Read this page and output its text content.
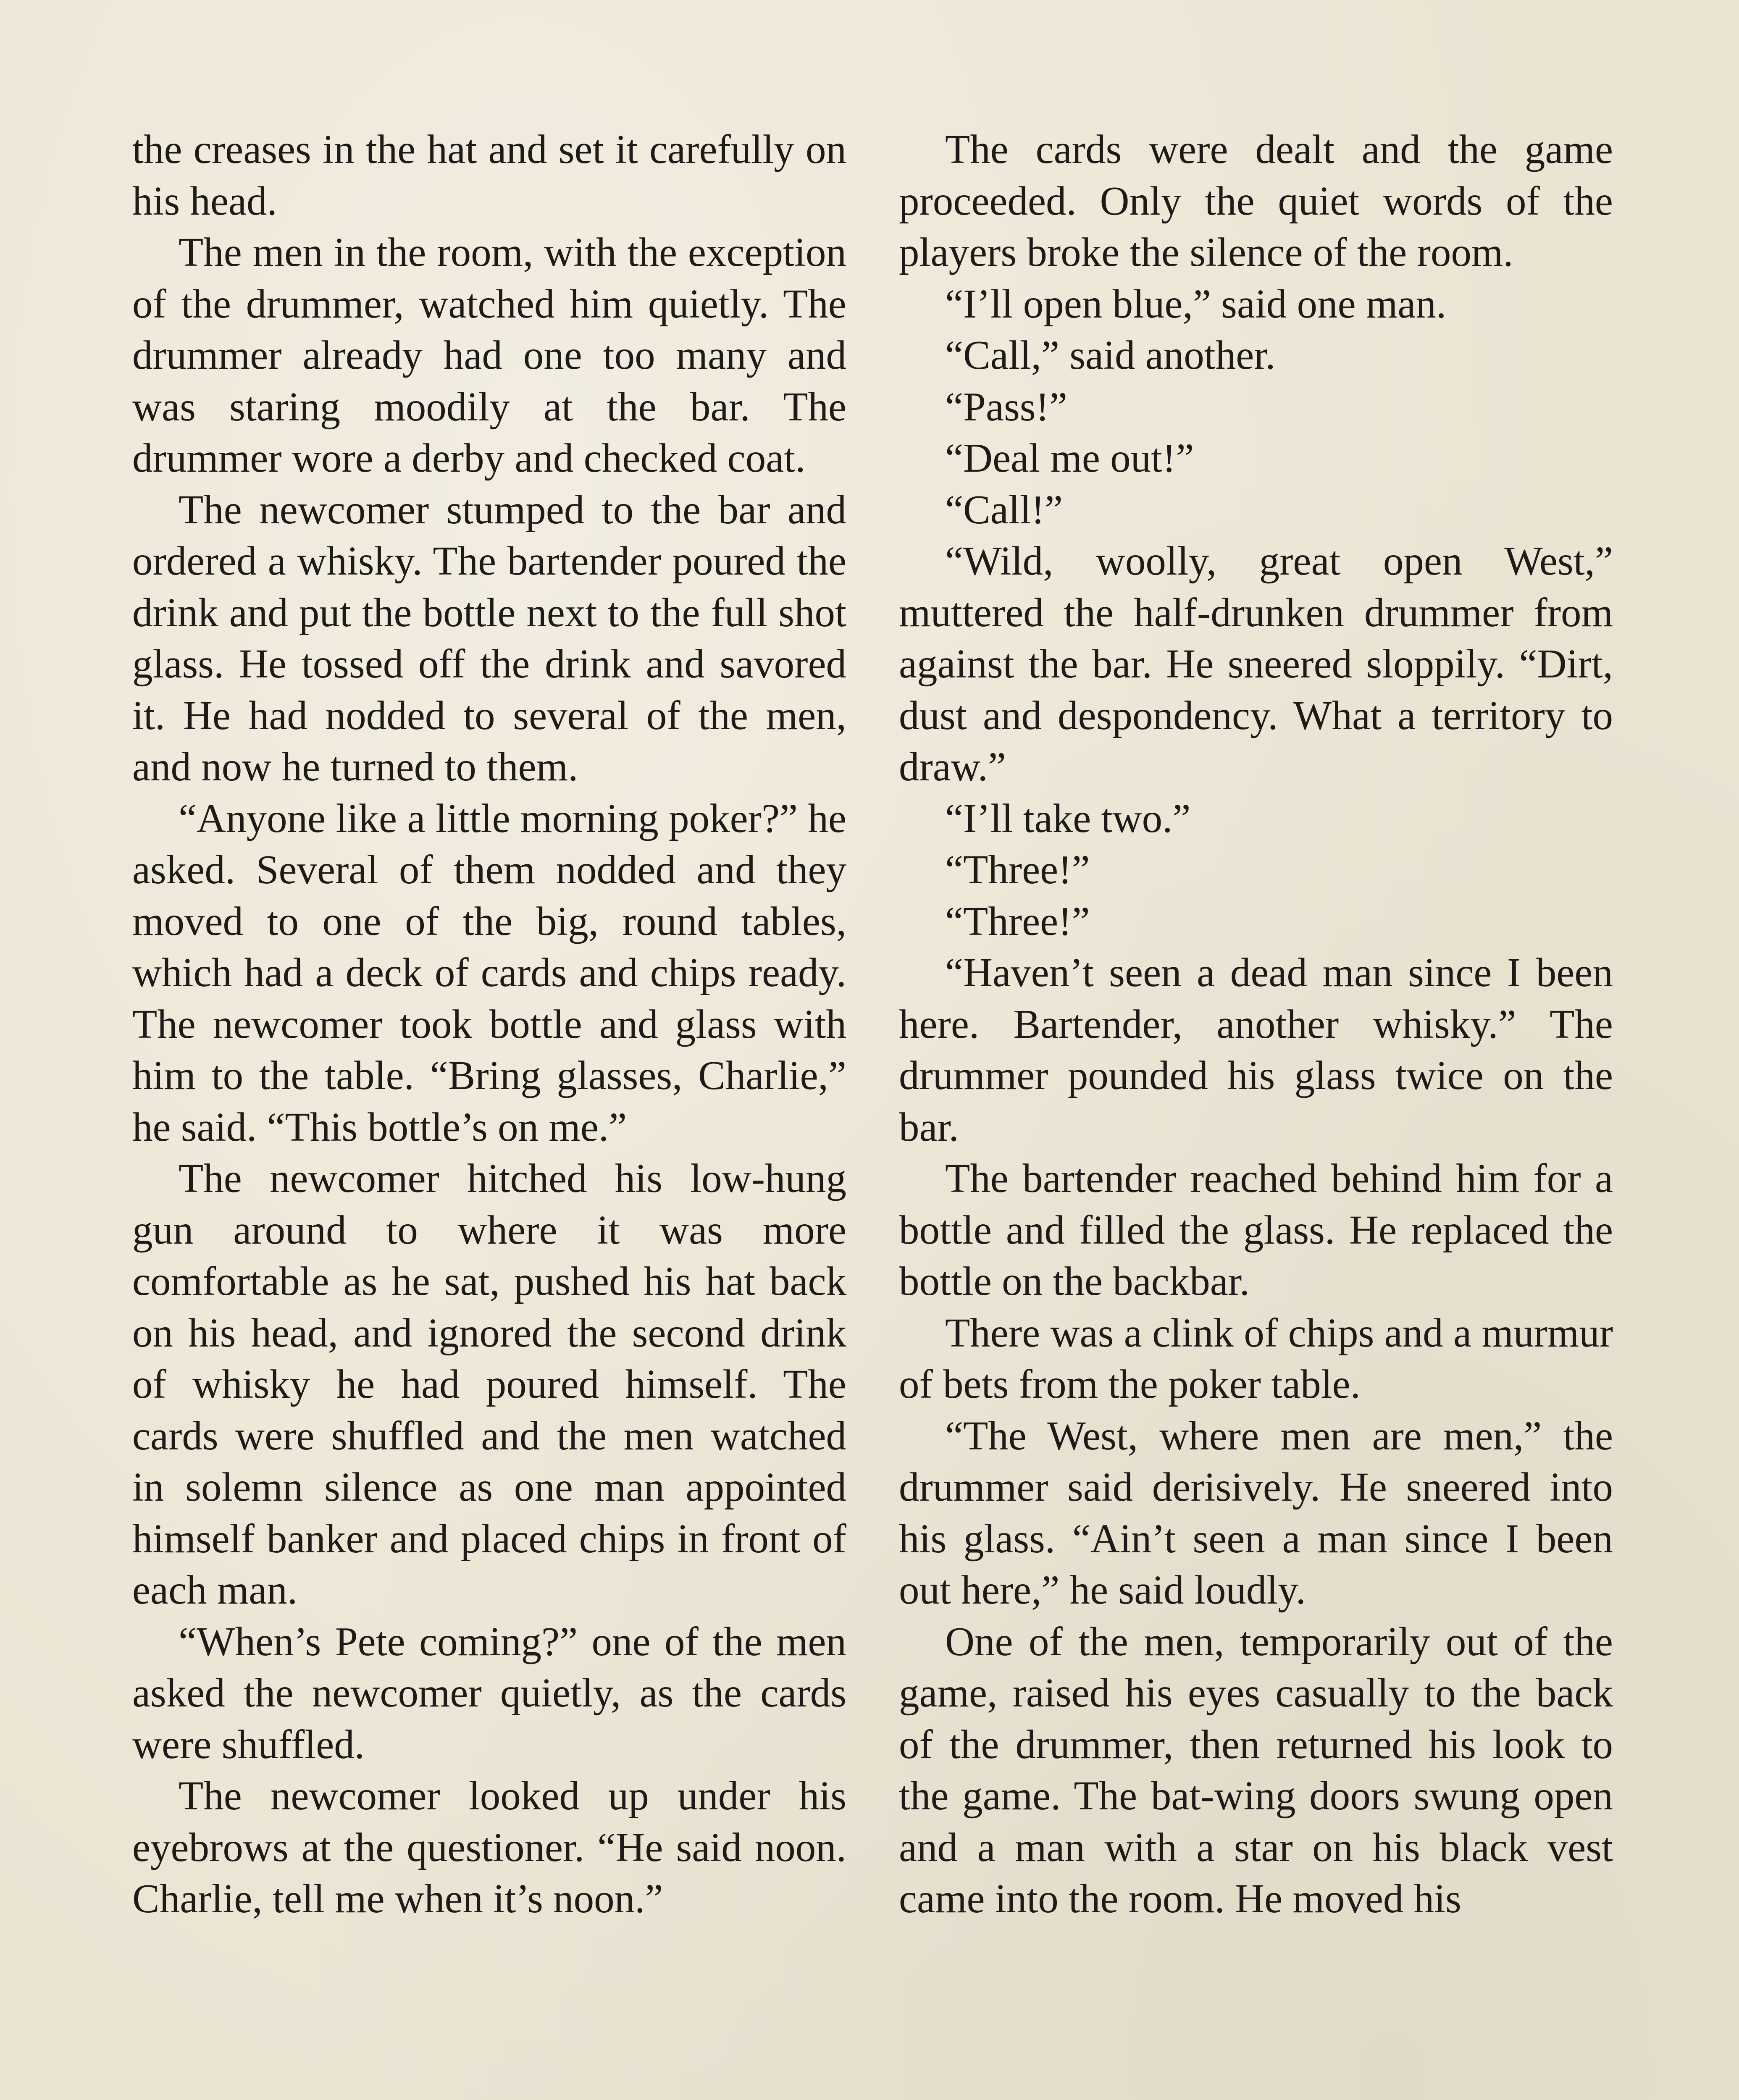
the creases in the hat and set it carefully on his head.

The men in the room, with the exception of the drummer, watched him quietly. The drummer already had one too many and was staring moodily at the bar. The drummer wore a derby and checked coat.

The newcomer stumped to the bar and ordered a whisky. The bartender poured the drink and put the bottle next to the full shot glass. He tossed off the drink and savored it. He had nodded to several of the men, and now he turned to them.

“Anyone like a little morning poker?” he asked. Several of them nodded and they moved to one of the big, round tables, which had a deck of cards and chips ready. The newcomer took bottle and glass with him to the table. “Bring glasses, Charlie,” he said. “This bottle’s on me.”

The newcomer hitched his low-hung gun around to where it was more comfortable as he sat, pushed his hat back on his head, and ignored the second drink of whisky he had poured himself. The cards were shuffled and the men watched in solemn silence as one man appointed himself banker and placed chips in front of each man.

“When’s Pete coming?” one of the men asked the newcomer quietly, as the cards were shuffled.

The newcomer looked up under his eyebrows at the questioner. “He said noon. Charlie, tell me when it’s noon.”

The cards were dealt and the game proceeded. Only the quiet words of the players broke the silence of the room.

“I’ll open blue,” said one man.

“Call,” said another.

“Pass!”

“Deal me out!”

“Call!”

“Wild, woolly, great open West,” muttered the half-drunken drummer from against the bar. He sneered sloppily. “Dirt, dust and despondency. What a territory to draw.”

“I’ll take two.”

“Three!”

“Three!”

“Haven’t seen a dead man since I been here. Bartender, another whisky.” The drummer pounded his glass twice on the bar.

The bartender reached behind him for a bottle and filled the glass. He replaced the bottle on the backbar.

There was a clink of chips and a murmur of bets from the poker table.

“The West, where men are men,” the drummer said derisively. He sneered into his glass. “Ain’t seen a man since I been out here,” he said loudly.

One of the men, temporarily out of the game, raised his eyes casually to the back of the drummer, then returned his look to the game. The bat-wing doors swung open and a man with a star on his black vest came into the room. He moved his
